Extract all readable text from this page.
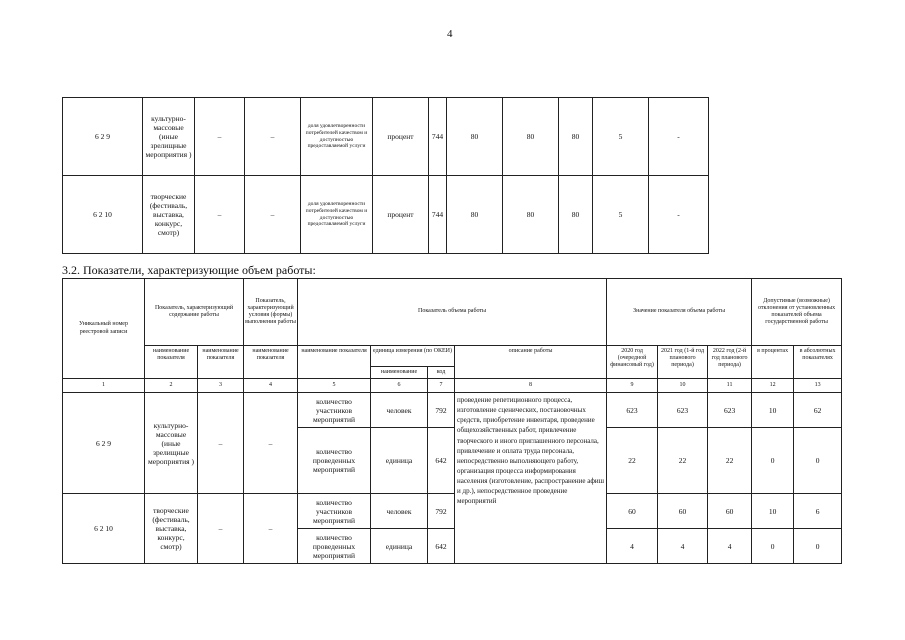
4
6 2 9	культурно-массовые (иные зрелищные мероприятия )	–	–	доля удовлетворенности потребителей качеством и доступностью предоставляемой услуги	процент	744	80	80	80	5	-
6 2 10	творческие (фестиваль, выставка, конкурс, смотр)	–	–	доля удовлетворенности потребителей качеством и доступностью предоставляемой услуги	процент	744	80	80	80	5	-
3.2. Показатели, характеризующие объем работы:
Уникальный номер реестровой записи	Показатель, характеризующий содержание работы		Показатель, характеризующий условия (формы) выполнения работы	Показатель объема работы				Значение показателя объема работы			Допустимые (возможные) отклонения от установленных показателей объема государственной работы	
	наименование показателя	наименование показателя	наименование показателя	наименование показателя	единица измерения (по ОКЕИ)		описание работы	2020 год (очередной финансовый год)	2021 год (1-й год планового периода)	2022 год (2-й год планового периода)	в процентах	в абсолютных показателях
					наименование	код						
1	2	3	4	5	6	7	8	9	10	11	12	13
6 2 9	культурно-массовые (иные зрелищные мероприятия )	–	–	количество участников мероприятий	человек	792	проведение репетиционного процесса, изготовление сценических, постановочных средств, приобретение инвентаря, проведение общехозяйственных работ, привлечение творческого и иного приглашенного персонала, привлечение и оплата труда персонала, непосредственно выполняющего работу, организация процесса информирования населения (изготовление, распространение афиш и др.), непосредственное проведение мероприятий	623	623	623	10	62
				количество проведенных мероприятий	единица	642		22	22	22	0	0
6 2 10	творческие (фестиваль, выставка, конкурс, смотр)	–	–	количество участников мероприятий	человек	792		60	60	60	10	6
				количество проведенных мероприятий	единица	642		4	4	4	0	0
